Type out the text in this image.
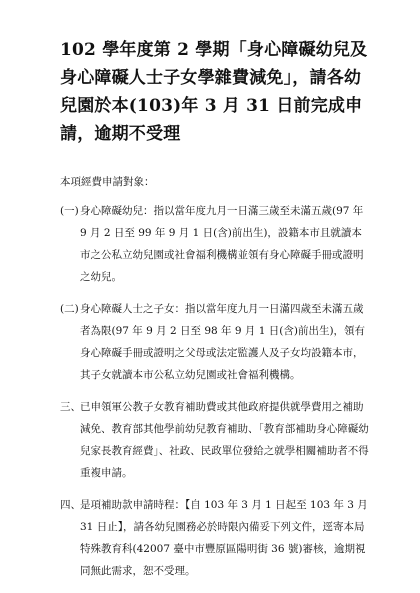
102 學年度第 2 學期「身心障礙幼兒及身心障礙人士子女學雜費減免」，請各幼兒園於本(103)年 3 月 31 日前完成申請，逾期不受理

本項經費申請對象：

(一) 身心障礙幼兒：指以當年度九月一日滿三歲至未滿五歲(97 年 9 月 2 日至 99 年 9 月 1 日(含)前出生)，設籍本市且就讀本市之公私立幼兒園或社會福利機構並領有身心障礙手冊或證明之幼兒。
(二) 身心障礙人士之子女：指以當年度九月一日滿四歲至未滿五歲者為限(97 年 9 月 2 日至 98 年 9 月 1 日(含)前出生)，領有身心障礙手冊或證明之父母或法定監護人及子女均設籍本市，其子女就讀本市公私立幼兒園或社會福利機構。
三、 已申領軍公教子女教育補助費或其他政府提供就學費用之補助減免、教育部其他學前幼兒教育補助、「教育部補助身心障礙幼兒家長教育經費」、社政、民政單位發給之就學相關補助者不得重複申請。
四、 是項補助款申請時程：【自 103 年 3 月 1 日起至 103 年 3 月 31 日止】，請各幼兒園務必於時限內備妥下列文件，逕寄本局特殊教育科(42007 臺中市豐原區陽明街 36 號)審核，逾期視同無此需求，恕不受理。
